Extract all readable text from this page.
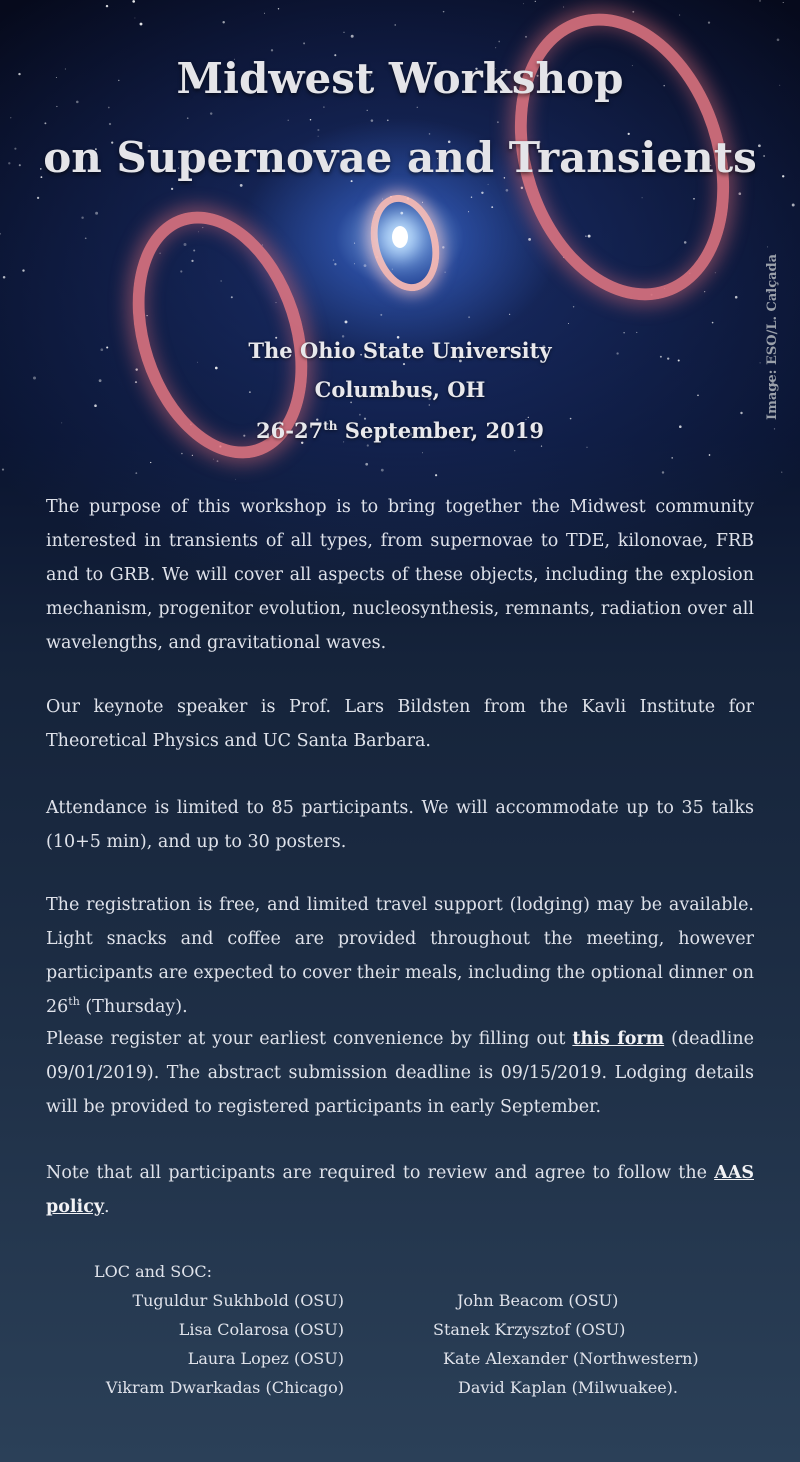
Midwest Workshop
on Supernovae and Transients
Image: ESO/L. Calçada
The Ohio State University
Columbus, OH
26-27th September, 2019

The purpose of this workshop is to bring together the Midwest community interested in transients of all types, from supernovae to TDE, kilonovae, FRB and to GRB. We will cover all aspects of these objects, including the explosion mechanism, progenitor evolution, nucleosynthesis, remnants, radiation over all wavelengths, and gravitational waves.

Our keynote speaker is Prof. Lars Bildsten from the Kavli Institute for Theoretical Physics and UC Santa Barbara.

Attendance is limited to 85 participants. We will accommodate up to 35 talks (10+5 min), and up to 30 posters.

The registration is free, and limited travel support (lodging) may be available. Light snacks and coffee are provided throughout the meeting, however participants are expected to cover their meals, including the optional dinner on 26th (Thursday).

Please register at your earliest convenience by filling out this form (deadline 09/01/2019). The abstract submission deadline is 09/15/2019. Lodging details will be provided to registered participants in early September.

Note that all participants are required to review and agree to follow the AAS policy.

LOC and SOC:
Tuguldur Sukhbold (OSU)
Lisa Colarosa (OSU)
Laura Lopez (OSU)
Vikram Dwarkadas (Chicago)
John Beacom (OSU)
Stanek Krzysztof (OSU)
Kate Alexander (Northwestern)
David Kaplan (Milwuakee).
